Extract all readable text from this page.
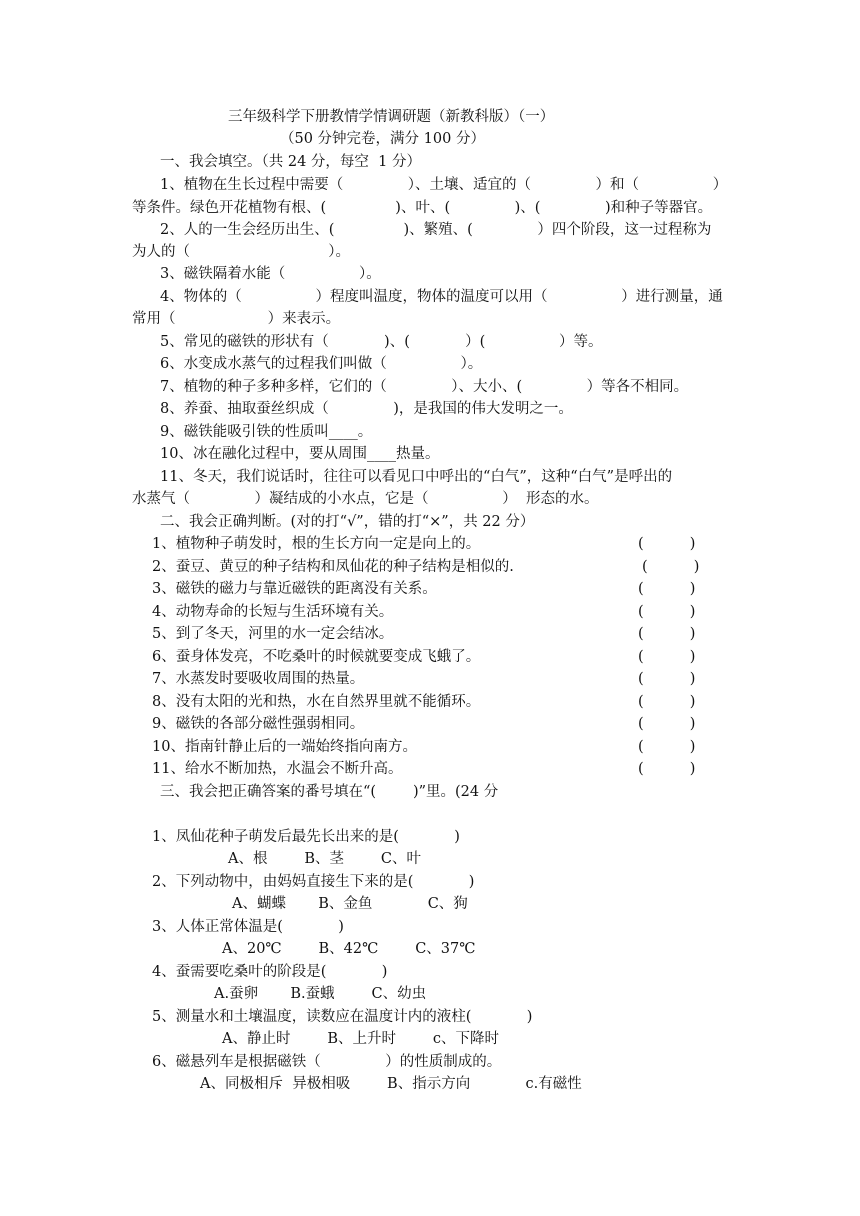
三年级科学下册教情学情调研题（新教科版）（一）

（50 分钟完卷，满分 100 分）

一、我会填空。（共 24 分，每空  1 分）

1、植物在生长过程中需要（              ）、土壤、适宜的（              ）和（                ）

等条件。绿色开花植物有根、(               )、叶、(              )、(              )和种子等器官。

2、人的一生会经历出生、(               )、繁殖、(              ）四个阶段，这一过程称为

为人的（                              ）。

3、磁铁隔着水能（                ）。

4、物体的（                ）程度叫温度，物体的温度可以用（                ）进行测量，通

常用（                    ）来表示。

5、常见的磁铁的形状有（            )、(            ）(                ）等。

6、水变成水蒸气的过程我们叫做（                ）。

7、植物的种子多种多样，它们的（              ）、大小、(              ）等各不相同。

8、养蚕、抽取蚕丝织成（              )，是我国的伟大发明之一。

9、磁铁能吸引铁的性质叫____。

10、冰在融化过程中，要从周围____热量。

11、冬天，我们说话时，往往可以看见口中呼出的“白气”，这种“白气”是呼出的

水蒸气（              ）凝结成的小水点，它是（                ）  形态的水。

二、我会正确判断。(对的打“√”，错的打“×”，共 22 分）

1、植物种子萌发时，根的生长方向一定是向上的。	(          )

2、蚕豆、黄豆的种子结构和凤仙花的种子结构是相似的.	(          )

3、磁铁的磁力与靠近磁铁的距离没有关系。	(          )

4、动物寿命的长短与生活环境有关。	(          )

5、到了冬天，河里的水一定会结冰。	(          )

6、蚕身体发亮，不吃桑叶的时候就要变成飞蛾了。	(          )

7、水蒸发时要吸收周围的热量。	(          )

8、没有太阳的光和热，水在自然界里就不能循环。	(          )

9、磁铁的各部分磁性强弱相同。	(          )

10、指南针静止后的一端始终指向南方。	(          )

11、给水不断加热，水温会不断升高。	(          )

三、我会把正确答案的番号填在“(        )”里。(24 分

1、凤仙花种子萌发后最先长出来的是(            )

A、根        B、茎        C、叶

2、下列动物中，由妈妈直接生下来的是(            )

A、蝴蝶       B、金鱼            C、狗

3、人体正常体温是(            )

A、20℃        B、42℃        C、37℃

4、蚕需要吃桑叶的阶段是(            )

A.蚕卵       B.蚕蛾        C、幼虫

5、测量水和土壤温度，读数应在温度计内的液柱(            )

A、静止时        B、上升时        c、下降时

6、磁悬列车是根据磁铁（              ）的性质制成的。

A、同极相斥  异极相吸        B、指示方向            c.有磁性
